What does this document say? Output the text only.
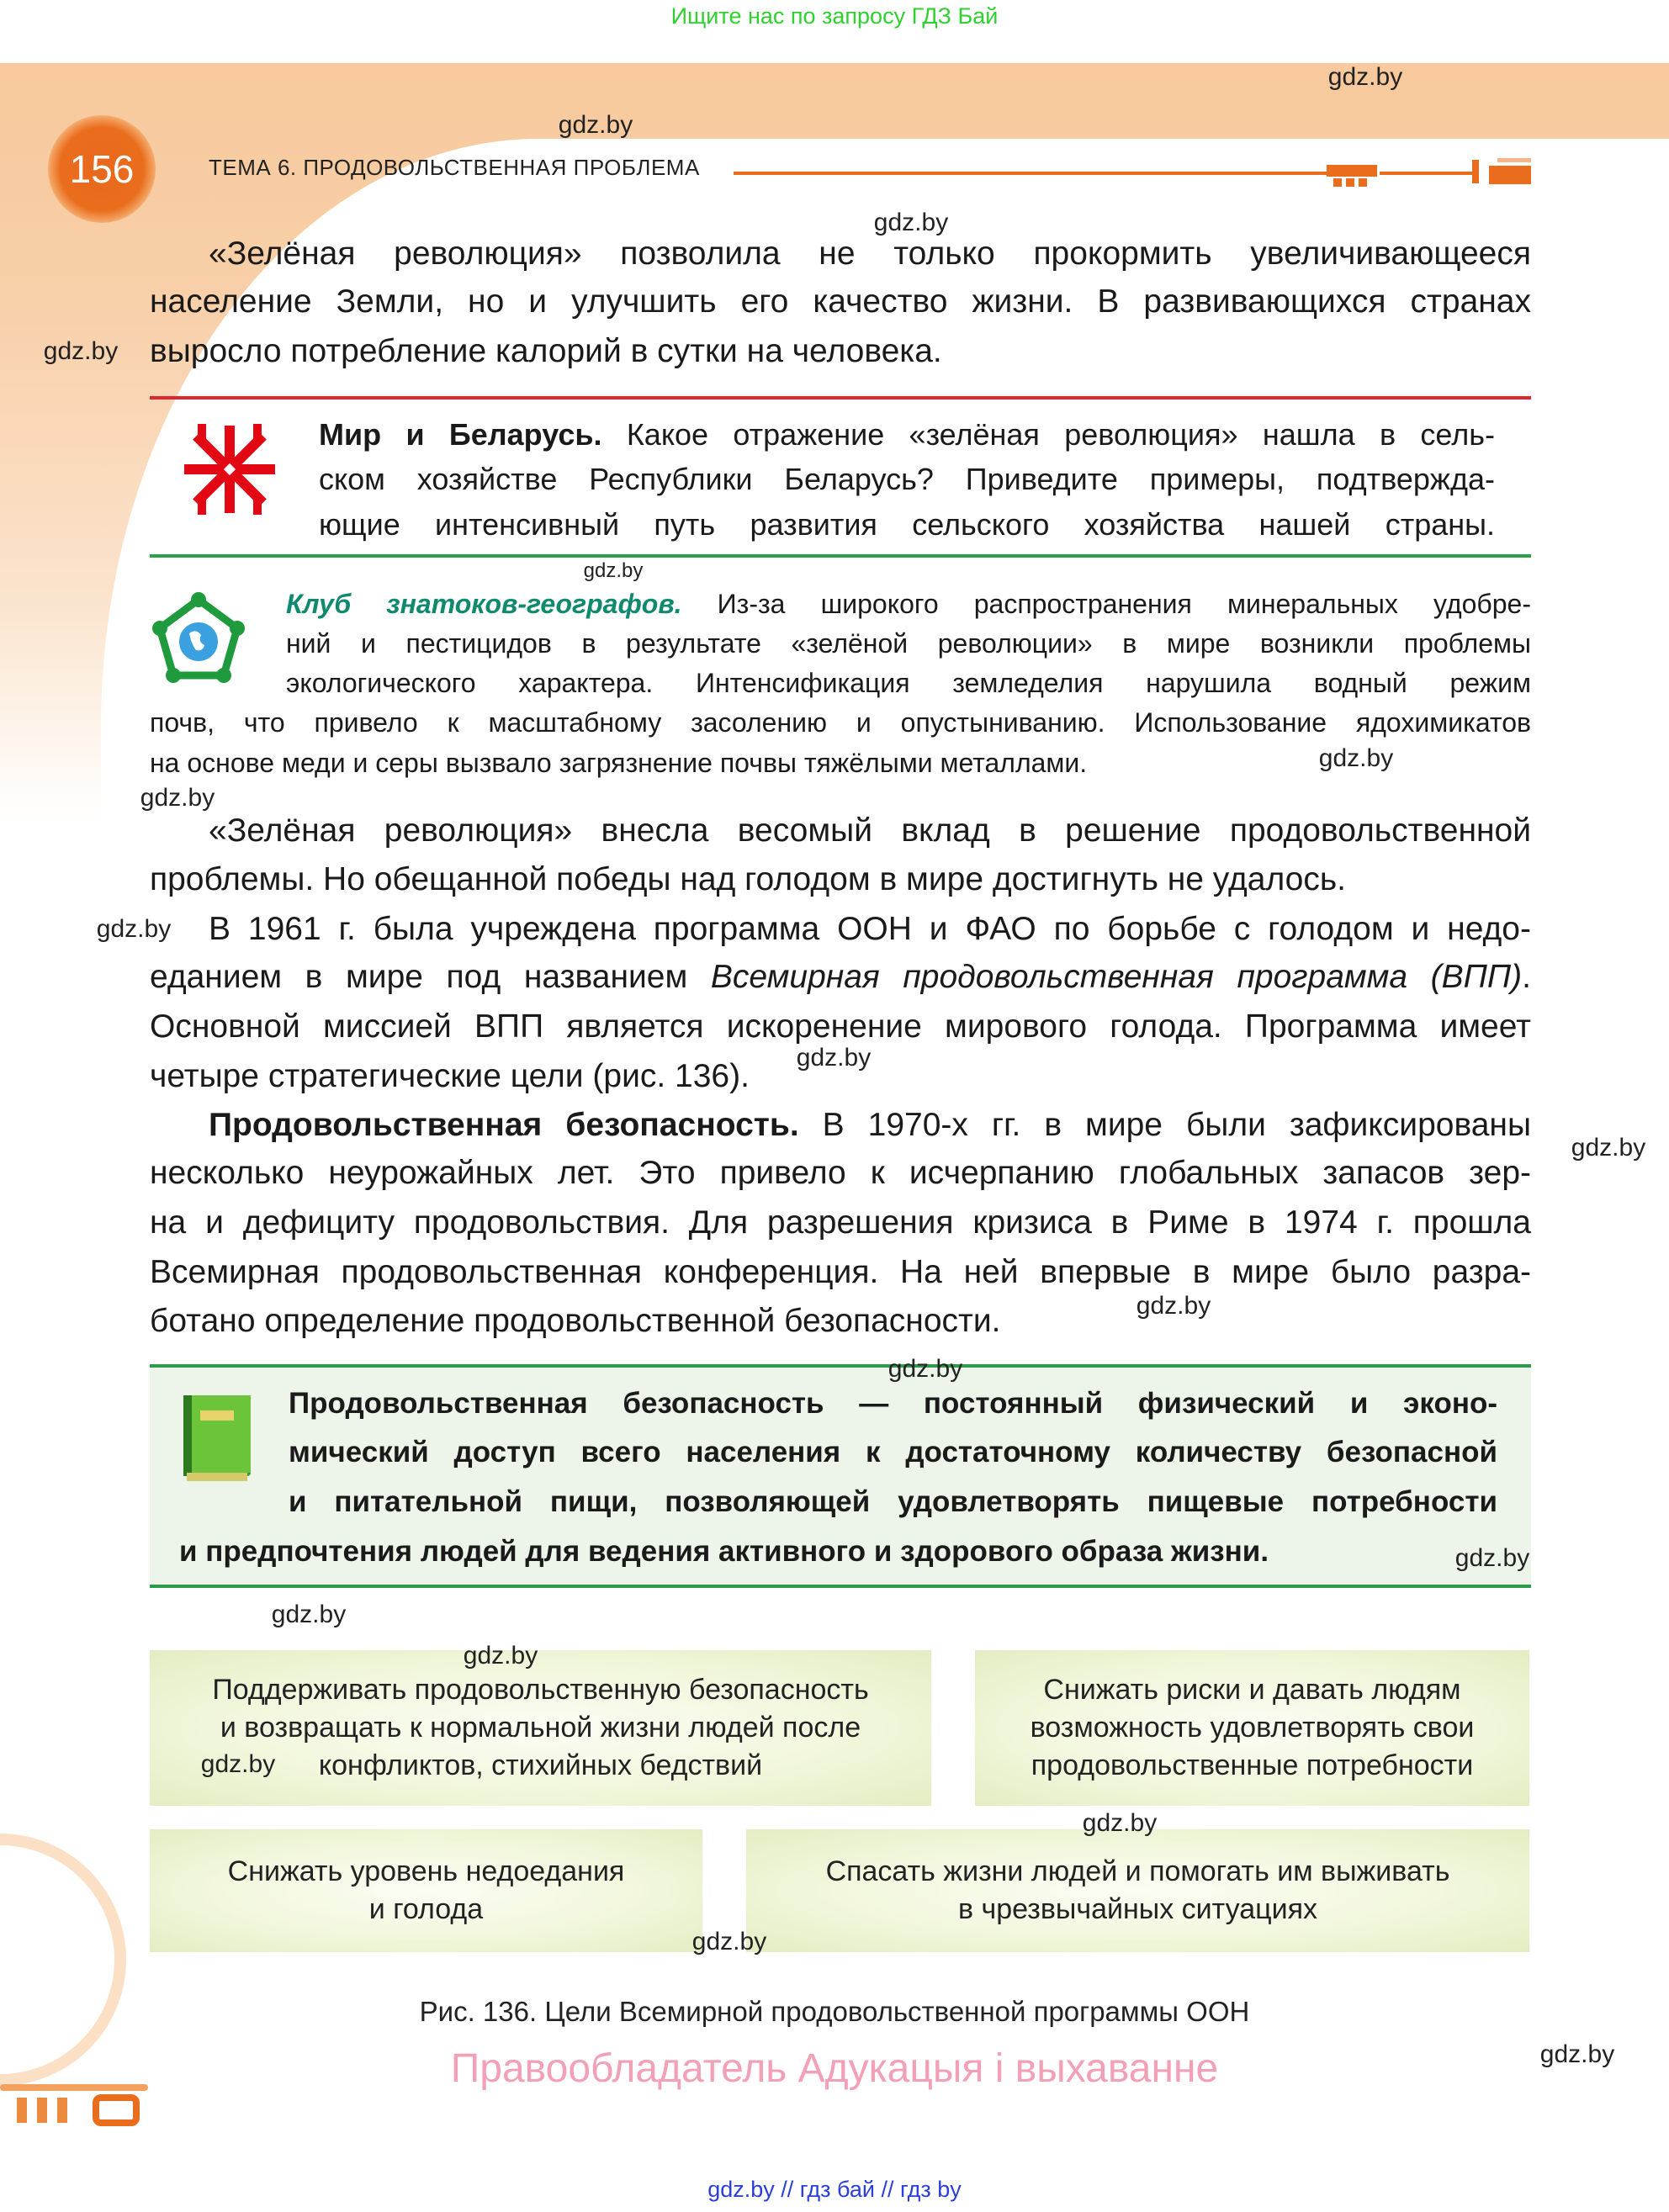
Ищите нас по запросу ГДЗ Бай
156	ТЕМА 6. ПРОДОВОЛЬСТВЕННАЯ ПРОБЛЕМА
«Зелёная революция» позволила не только прокормить увеличивающееся
население Земли, но и улучшить его качество жизни. В развивающихся странах
выросло потребление калорий в сутки на человека.
Мир и Беларусь. Какое отражение «зелёная революция» нашла в сель-
ском хозяйстве Республики Беларусь? Приведите примеры, подтвержда-
ющие интенсивный путь развития сельского хозяйства нашей страны.
Клуб знатоков-географов. Из-за широкого распространения минеральных удобре-
ний и пестицидов в результате «зелёной революции» в мире возникли проблемы
экологического характера. Интенсификация земледелия нарушила водный режим
почв, что привело к масштабному засолению и опустыниванию. Использование ядохимикатов
на основе меди и серы вызвало загрязнение почвы тяжёлыми металлами.
«Зелёная революция» внесла весомый вклад в решение продовольственной
проблемы. Но обещанной победы над голодом в мире достигнуть не удалось.
В 1961 г. была учреждена программа ООН и ФАО по борьбе с голодом и недо-
еданием в мире под названием Всемирная продовольственная программа (ВПП).
Основной миссией ВПП является искоренение мирового голода. Программа имеет
четыре стратегические цели (рис. 136).
Продовольственная безопасность. В 1970-х гг. в мире были зафиксированы
несколько неурожайных лет. Это привело к исчерпанию глобальных запасов зер-
на и дефициту продовольствия. Для разрешения кризиса в Риме в 1974 г. прошла
Всемирная продовольственная конференция. На ней впервые в мире было разра-
ботано определение продовольственной безопасности.
Продовольственная безопасность — постоянный физический и эконо-
мический доступ всего населения к достаточному количеству безопасной
и питательной пищи, позволяющей удовлетворять пищевые потребности
и предпочтения людей для ведения активного и здорового образа жизни.
Поддерживать продовольственную безопасность
и возвращать к нормальной жизни людей после
конфликтов, стихийных бедствий
Снижать риски и давать людям
возможность удовлетворять свои
продовольственные потребности
Снижать уровень недоедания
и голода
Спасать жизни людей и помогать им выживать
в чрезвычайных ситуациях
Рис. 136. Цели Всемирной продовольственной программы ООН
Правообладатель Адукацыя і выхаванне
gdz.by // гдз бай // гдз by
gdz.by
gdz.by
gdz.by
gdz.by
gdz.by
gdz.by
gdz.by
gdz.by
gdz.by
gdz.by
gdz.by
gdz.by
gdz.by
gdz.by
gdz.by
gdz.by
gdz.by
gdz.by
gdz.by
